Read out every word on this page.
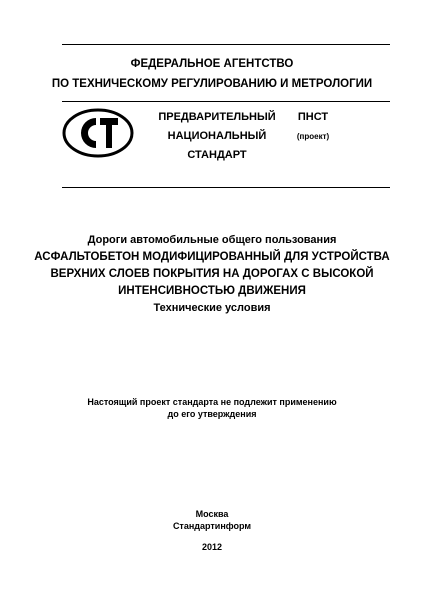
ФЕДЕРАЛЬНОЕ АГЕНТСТВО
ПО ТЕХНИЧЕСКОМУ РЕГУЛИРОВАНИЮ И МЕТРОЛОГИИ
ПРЕДВАРИТЕЛЬНЫЙ
НАЦИОНАЛЬНЫЙ
СТАНДАРТ
ПНСТ
(проект)
Дороги автомобильные общего пользования
АСФАЛЬТОБЕТОН МОДИФИЦИРОВАННЫЙ ДЛЯ УСТРОЙСТВА
ВЕРХНИХ СЛОЕВ ПОКРЫТИЯ НА ДОРОГАХ С ВЫСОКОЙ
ИНТЕНСИВНОСТЬЮ ДВИЖЕНИЯ
Технические условия
Настоящий проект стандарта не подлежит применению
до его утверждения
Москва
Стандартинформ
2012
